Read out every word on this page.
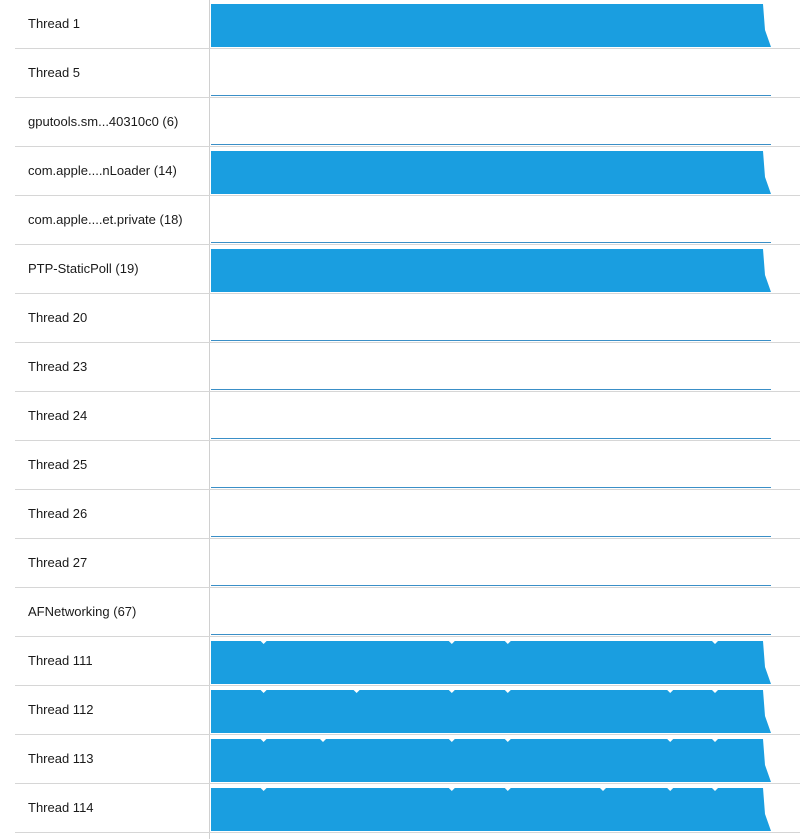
Thread 1
Thread 5
gputools.sm...40310c0 (6)
com.apple....nLoader (14)
com.apple....et.private (18)
PTP-StaticPoll (19)
Thread 20
Thread 23
Thread 24
Thread 25
Thread 26
Thread 27
AFNetworking (67)
Thread 111
Thread 112
Thread 113
Thread 114
